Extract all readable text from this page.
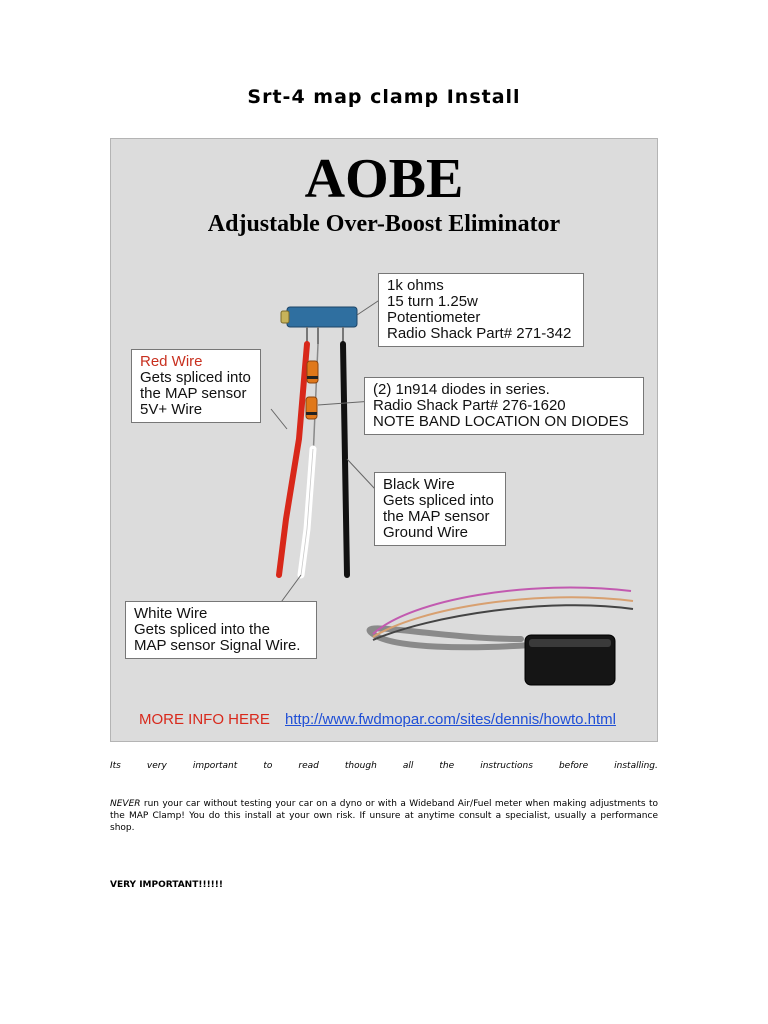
Srt-4 map clamp Install
AOBE
Adjustable Over-Boost Eliminator
1k ohms
15 turn 1.25w
Potentiometer
Radio Shack Part# 271-342
Red Wire
Gets spliced into
the MAP sensor
5V+ Wire
(2) 1n914 diodes in series.
Radio Shack Part# 276-1620
NOTE BAND LOCATION ON DIODES
Black Wire
Gets spliced into
the MAP sensor
Ground Wire
White Wire
Gets spliced into the
MAP sensor Signal Wire.
MORE INFO HERE http://www.fwdmopar.com/sites/dennis/howto.html

Its	very	important	to	read	though	all	the	instructions	before	installing.

NEVER run your car without testing your car on a dyno or with a Wideband Air/Fuel meter when making adjustments to the MAP Clamp! You do this install at your own risk. If unsure at anytime consult a specialist, usually a performance shop.

VERY IMPORTANT!!!!!!
